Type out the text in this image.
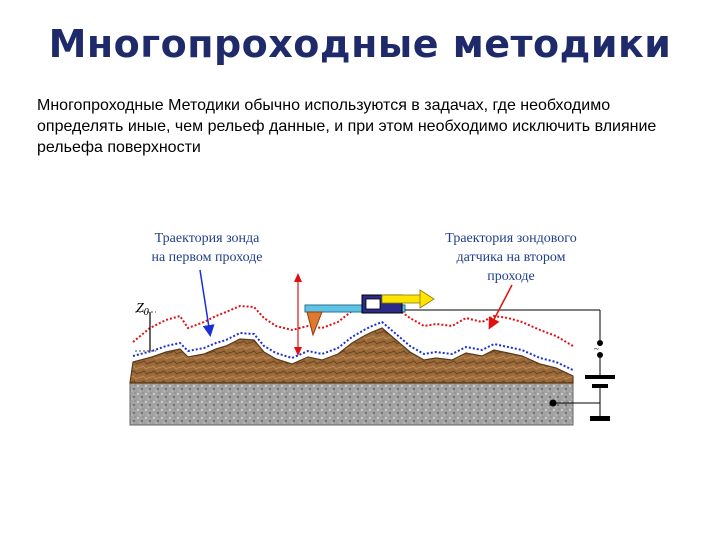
Многопроходные методики
Многопроходные Методики обычно используются в задачах, где необходимо определять иные, чем рельеф данные, и при этом необходимо исключить влияние рельефа поверхности
$Z_0$
~
Траектория зонда
на первом проходе
Траектория зондового
датчика на втором
проходе
